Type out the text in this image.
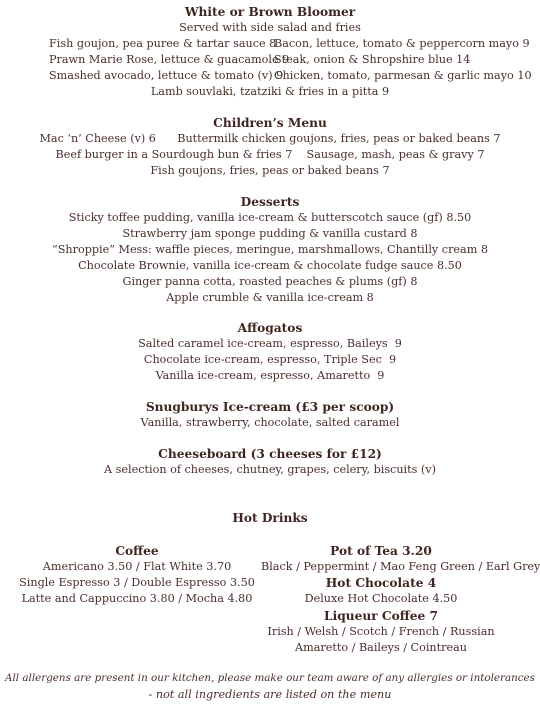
White or Brown Bloomer
Served with side salad and fries
Fish goujon, pea puree & tartar sauce 8
Prawn Marie Rose, lettuce & guacamole 9
Smashed avocado, lettuce & tomato (v) 9
Bacon, lettuce, tomato & peppercorn mayo 9
Steak, onion & Shropshire blue 14
Chicken, tomato, parmesan & garlic mayo 10
Lamb souvlaki, tzatziki & fries in a pitta 9
Children’s Menu
Mac ‘n’ Cheese (v) 6      Buttermilk chicken goujons, fries, peas or baked beans 7
Beef burger in a Sourdough bun & fries 7    Sausage, mash, peas & gravy 7
Fish goujons, fries, peas or baked beans 7
Desserts
Sticky toffee pudding, vanilla ice-cream & butterscotch sauce (gf) 8.50
Strawberry jam sponge pudding & vanilla custard 8
“Shroppie” Mess: waffle pieces, meringue, marshmallows, Chantilly cream 8
Chocolate Brownie, vanilla ice-cream & chocolate fudge sauce 8.50
Ginger panna cotta, roasted peaches & plums (gf) 8
Apple crumble & vanilla ice-cream 8
Affogatos
Salted caramel ice-cream, espresso, Baileys  9
Chocolate ice-cream, espresso, Triple Sec  9
Vanilla ice-cream, espresso, Amaretto  9
Snugburys Ice-cream (£3 per scoop)
Vanilla, strawberry, chocolate, salted caramel
Cheeseboard (3 cheeses for £12)
A selection of cheeses, chutney, grapes, celery, biscuits (v)
Hot Drinks
Coffee
Americano 3.50 / Flat White 3.70
Single Espresso 3 / Double Espresso 3.50
Latte and Cappuccino 3.80 / Mocha 4.80
Pot of Tea 3.20
Black / Peppermint / Mao Feng Green / Earl Grey
Hot Chocolate 4
Deluxe Hot Chocolate 4.50
Liqueur Coffee 7
Irish / Welsh / Scotch / French / Russian
Amaretto / Baileys / Cointreau
All allergens are present in our kitchen, please make our team aware of any allergies or intolerances
- not all ingredients are listed on the menu
